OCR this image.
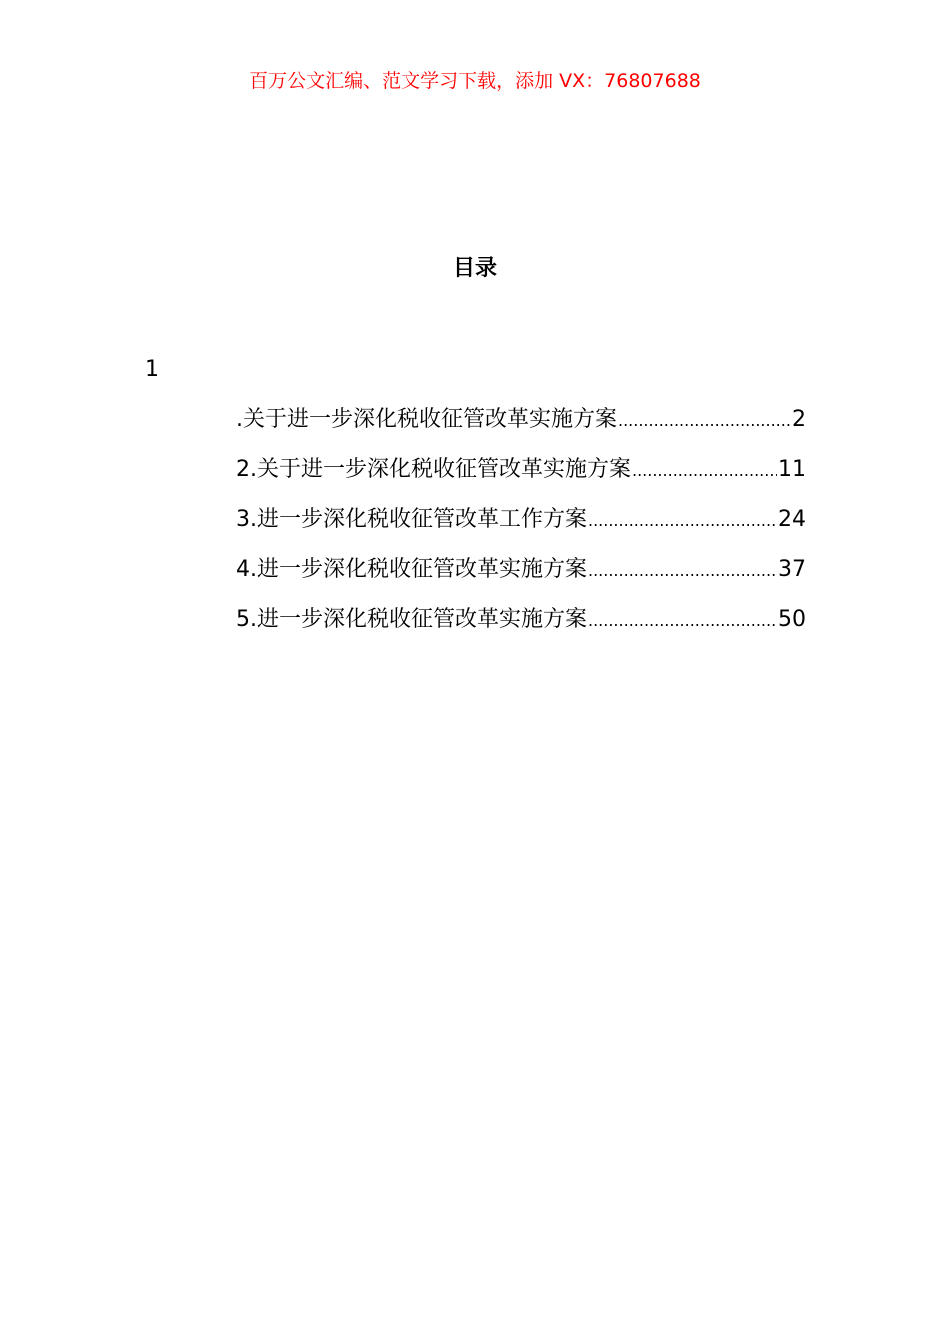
百万公文汇编、范文学习下载，添加 VX：76807688
目录
1
.关于进一步深化税收征管改革实施方案 .....	2
2.关于进一步深化税收征管改革实施方案 .....	11
3.进一步深化税收征管改革工作方案 .....	24
4.进一步深化税收征管改革实施方案 .....	37
5.进一步深化税收征管改革实施方案 .....	50
